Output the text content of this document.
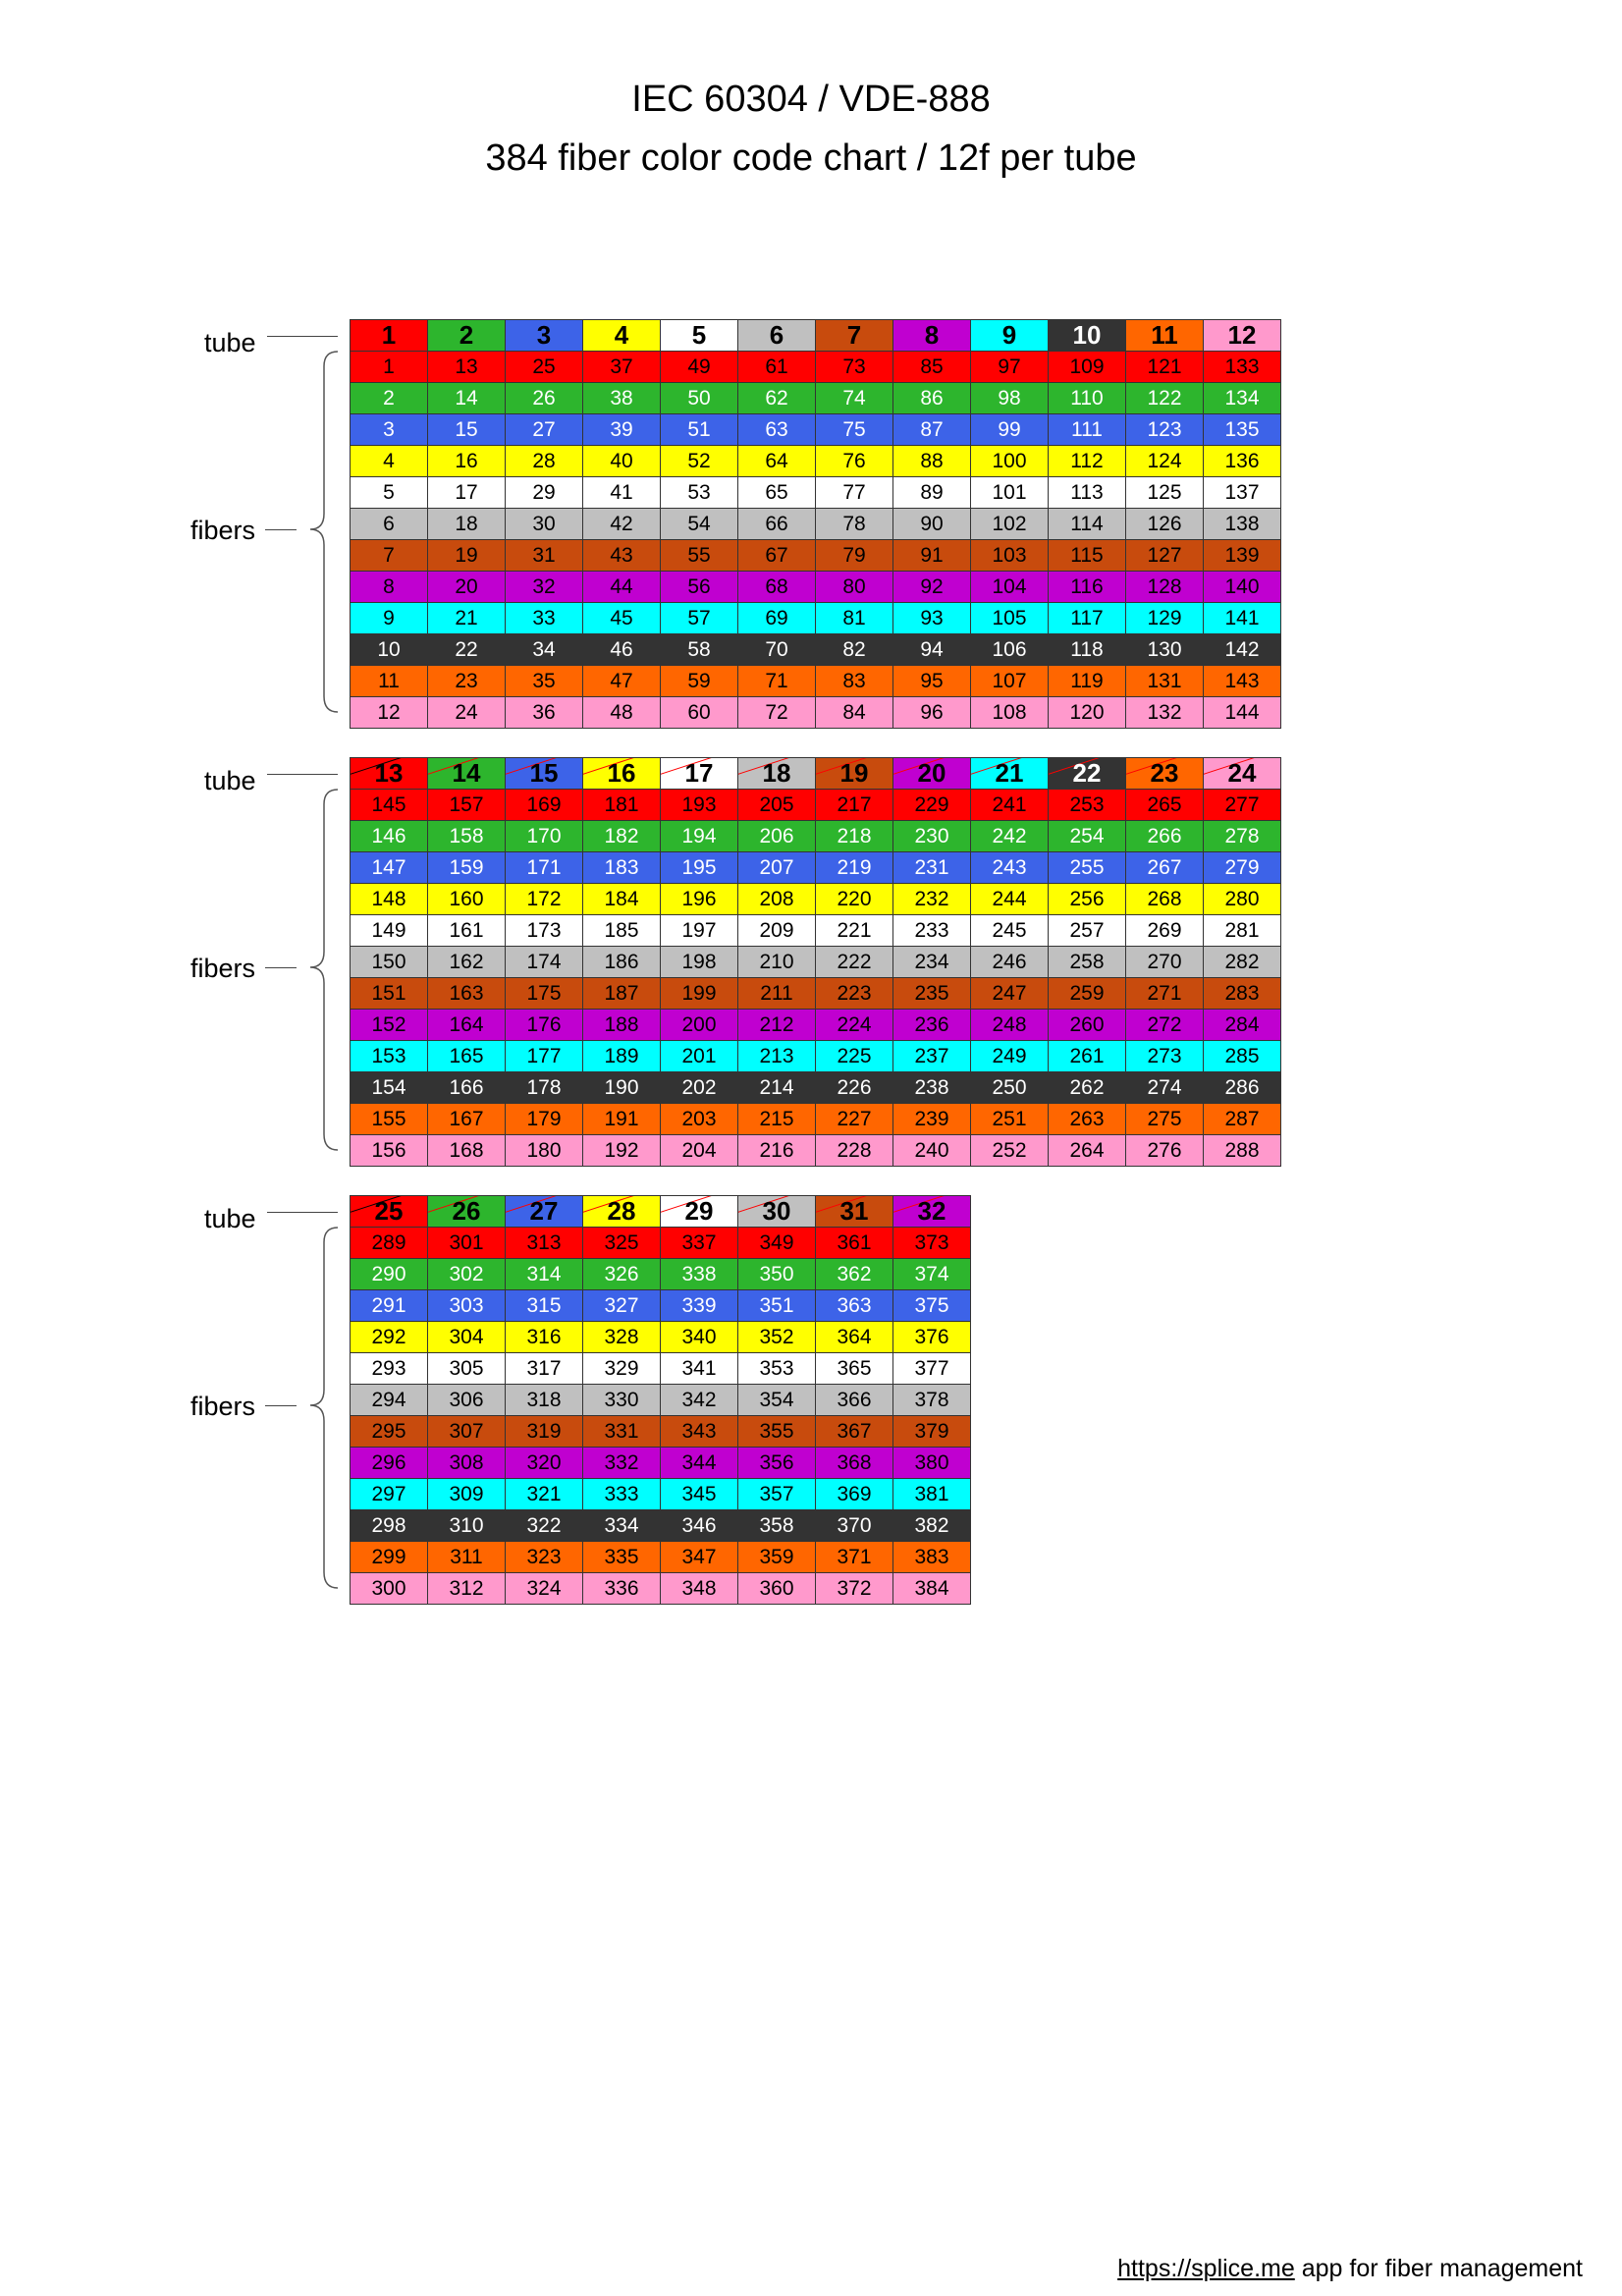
IEC 60304 / VDE-888
384 fiber color code chart / 12f per tube
tube
fibers
1	2	3	4	5	6	7	8	9	10	11	12
1	13	25	37	49	61	73	85	97	109	121	133
2	14	26	38	50	62	74	86	98	110	122	134
3	15	27	39	51	63	75	87	99	111	123	135
4	16	28	40	52	64	76	88	100	112	124	136
5	17	29	41	53	65	77	89	101	113	125	137
6	18	30	42	54	66	78	90	102	114	126	138
7	19	31	43	55	67	79	91	103	115	127	139
8	20	32	44	56	68	80	92	104	116	128	140
9	21	33	45	57	69	81	93	105	117	129	141
10	22	34	46	58	70	82	94	106	118	130	142
11	23	35	47	59	71	83	95	107	119	131	143
12	24	36	48	60	72	84	96	108	120	132	144
tube
fibers
13	14	15	16	17	18	19	20	21	22	23	24
145	157	169	181	193	205	217	229	241	253	265	277
146	158	170	182	194	206	218	230	242	254	266	278
147	159	171	183	195	207	219	231	243	255	267	279
148	160	172	184	196	208	220	232	244	256	268	280
149	161	173	185	197	209	221	233	245	257	269	281
150	162	174	186	198	210	222	234	246	258	270	282
151	163	175	187	199	211	223	235	247	259	271	283
152	164	176	188	200	212	224	236	248	260	272	284
153	165	177	189	201	213	225	237	249	261	273	285
154	166	178	190	202	214	226	238	250	262	274	286
155	167	179	191	203	215	227	239	251	263	275	287
156	168	180	192	204	216	228	240	252	264	276	288
tube
fibers
25	26	27	28	29	30	31	32
289	301	313	325	337	349	361	373
290	302	314	326	338	350	362	374
291	303	315	327	339	351	363	375
292	304	316	328	340	352	364	376
293	305	317	329	341	353	365	377
294	306	318	330	342	354	366	378
295	307	319	331	343	355	367	379
296	308	320	332	344	356	368	380
297	309	321	333	345	357	369	381
298	310	322	334	346	358	370	382
299	311	323	335	347	359	371	383
300	312	324	336	348	360	372	384
https://splice.me app for fiber management
